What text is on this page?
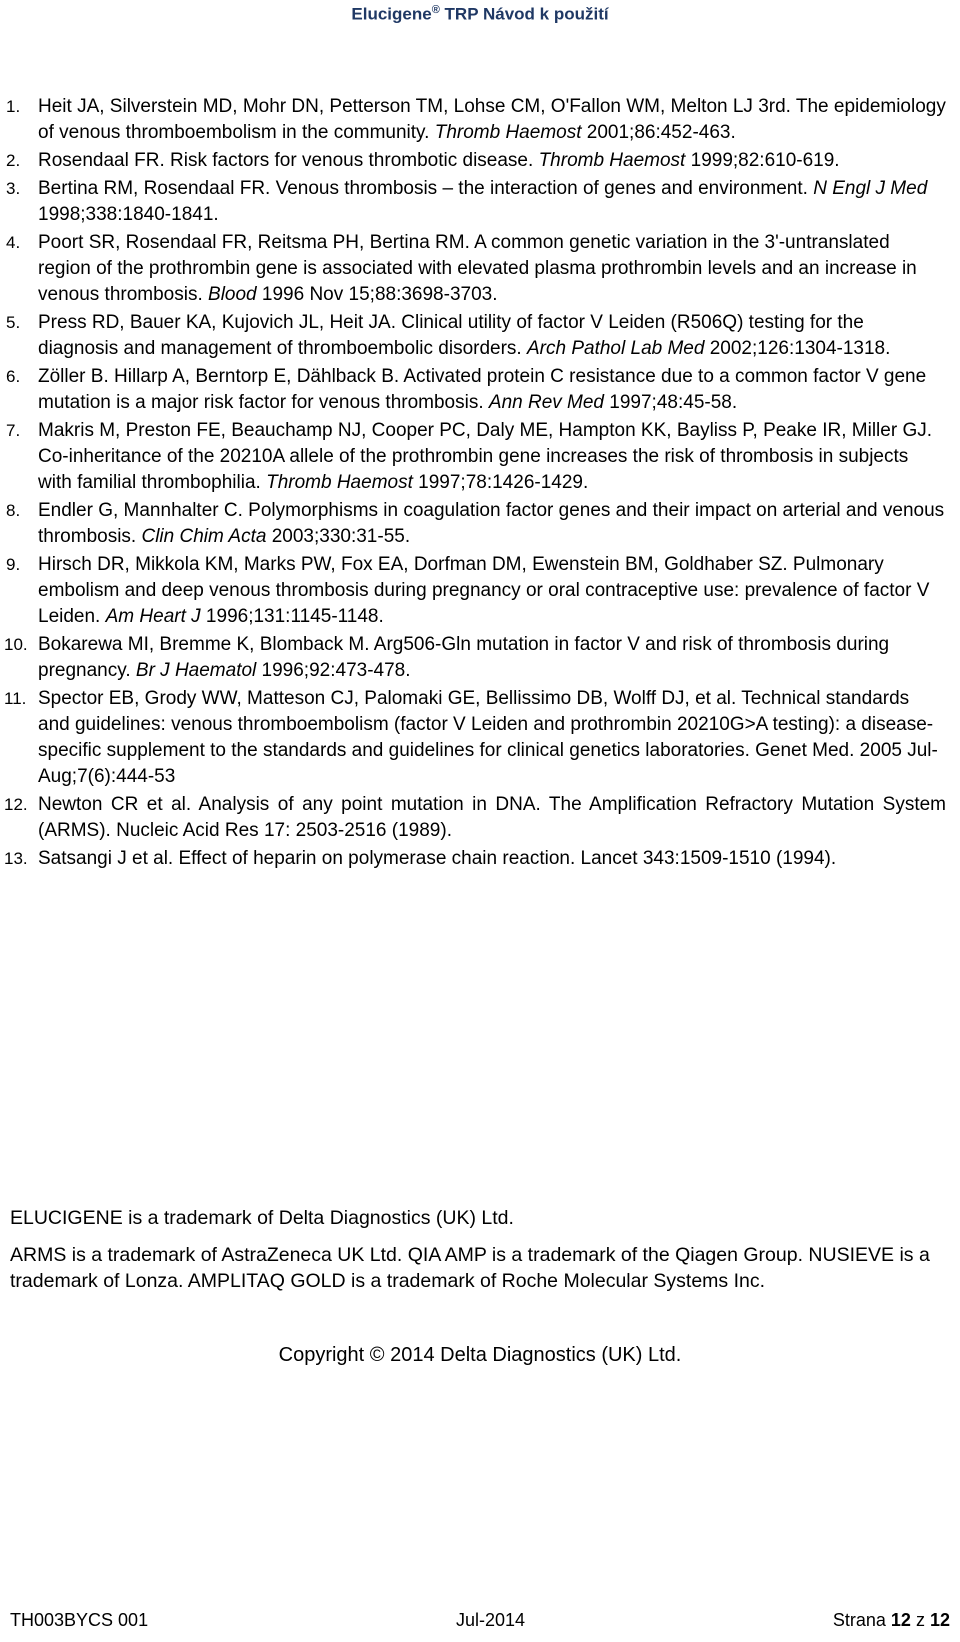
Elucigene® TRP Návod k použití
1. Heit JA, Silverstein MD, Mohr DN, Petterson TM, Lohse CM, O'Fallon WM, Melton LJ 3rd. The epidemiology of venous thromboembolism in the community. Thromb Haemost 2001;86:452-463.
2. Rosendaal FR. Risk factors for venous thrombotic disease. Thromb Haemost 1999;82:610-619.
3. Bertina RM, Rosendaal FR. Venous thrombosis – the interaction of genes and environment. N Engl J Med 1998;338:1840-1841.
4. Poort SR, Rosendaal FR, Reitsma PH, Bertina RM. A common genetic variation in the 3'-untranslated region of the prothrombin gene is associated with elevated plasma prothrombin levels and an increase in venous thrombosis. Blood 1996 Nov 15;88:3698-3703.
5. Press RD, Bauer KA, Kujovich JL, Heit JA. Clinical utility of factor V Leiden (R506Q) testing for the diagnosis and management of thromboembolic disorders. Arch Pathol Lab Med 2002;126:1304-1318.
6. Zöller B. Hillarp A, Berntorp E, Dählback B. Activated protein C resistance due to a common factor V gene mutation is a major risk factor for venous thrombosis. Ann Rev Med 1997;48:45-58.
7. Makris M, Preston FE, Beauchamp NJ, Cooper PC, Daly ME, Hampton KK, Bayliss P, Peake IR, Miller GJ. Co-inheritance of the 20210A allele of the prothrombin gene increases the risk of thrombosis in subjects with familial thrombophilia. Thromb Haemost 1997;78:1426-1429.
8. Endler G, Mannhalter C. Polymorphisms in coagulation factor genes and their impact on arterial and venous thrombosis. Clin Chim Acta 2003;330:31-55.
9. Hirsch DR, Mikkola KM, Marks PW, Fox EA, Dorfman DM, Ewenstein BM, Goldhaber SZ. Pulmonary embolism and deep venous thrombosis during pregnancy or oral contraceptive use: prevalence of factor V Leiden. Am Heart J 1996;131:1145-1148.
10. Bokarewa MI, Bremme K, Blomback M. Arg506-Gln mutation in factor V and risk of thrombosis during pregnancy. Br J Haematol 1996;92:473-478.
11. Spector EB, Grody WW, Matteson CJ, Palomaki GE, Bellissimo DB, Wolff DJ, et al. Technical standards and guidelines: venous thromboembolism (factor V Leiden and prothrombin 20210G>A testing): a disease-specific supplement to the standards and guidelines for clinical genetics laboratories. Genet Med. 2005 Jul-Aug;7(6):444-53
12. Newton CR et al. Analysis of any point mutation in DNA. The Amplification Refractory Mutation System (ARMS). Nucleic Acid Res 17: 2503-2516 (1989).
13. Satsangi J et al. Effect of heparin on polymerase chain reaction. Lancet 343:1509-1510 (1994).

ELUCIGENE is a trademark of Delta Diagnostics (UK) Ltd.

ARMS is a trademark of AstraZeneca UK Ltd. QIA AMP is a trademark of the Qiagen Group. NUSIEVE is a trademark of Lonza. AMPLITAQ GOLD is a trademark of Roche Molecular Systems Inc.

Copyright © 2014 Delta Diagnostics (UK) Ltd.
TH003BYCS 001	Jul-2014	Strana 12 z 12
